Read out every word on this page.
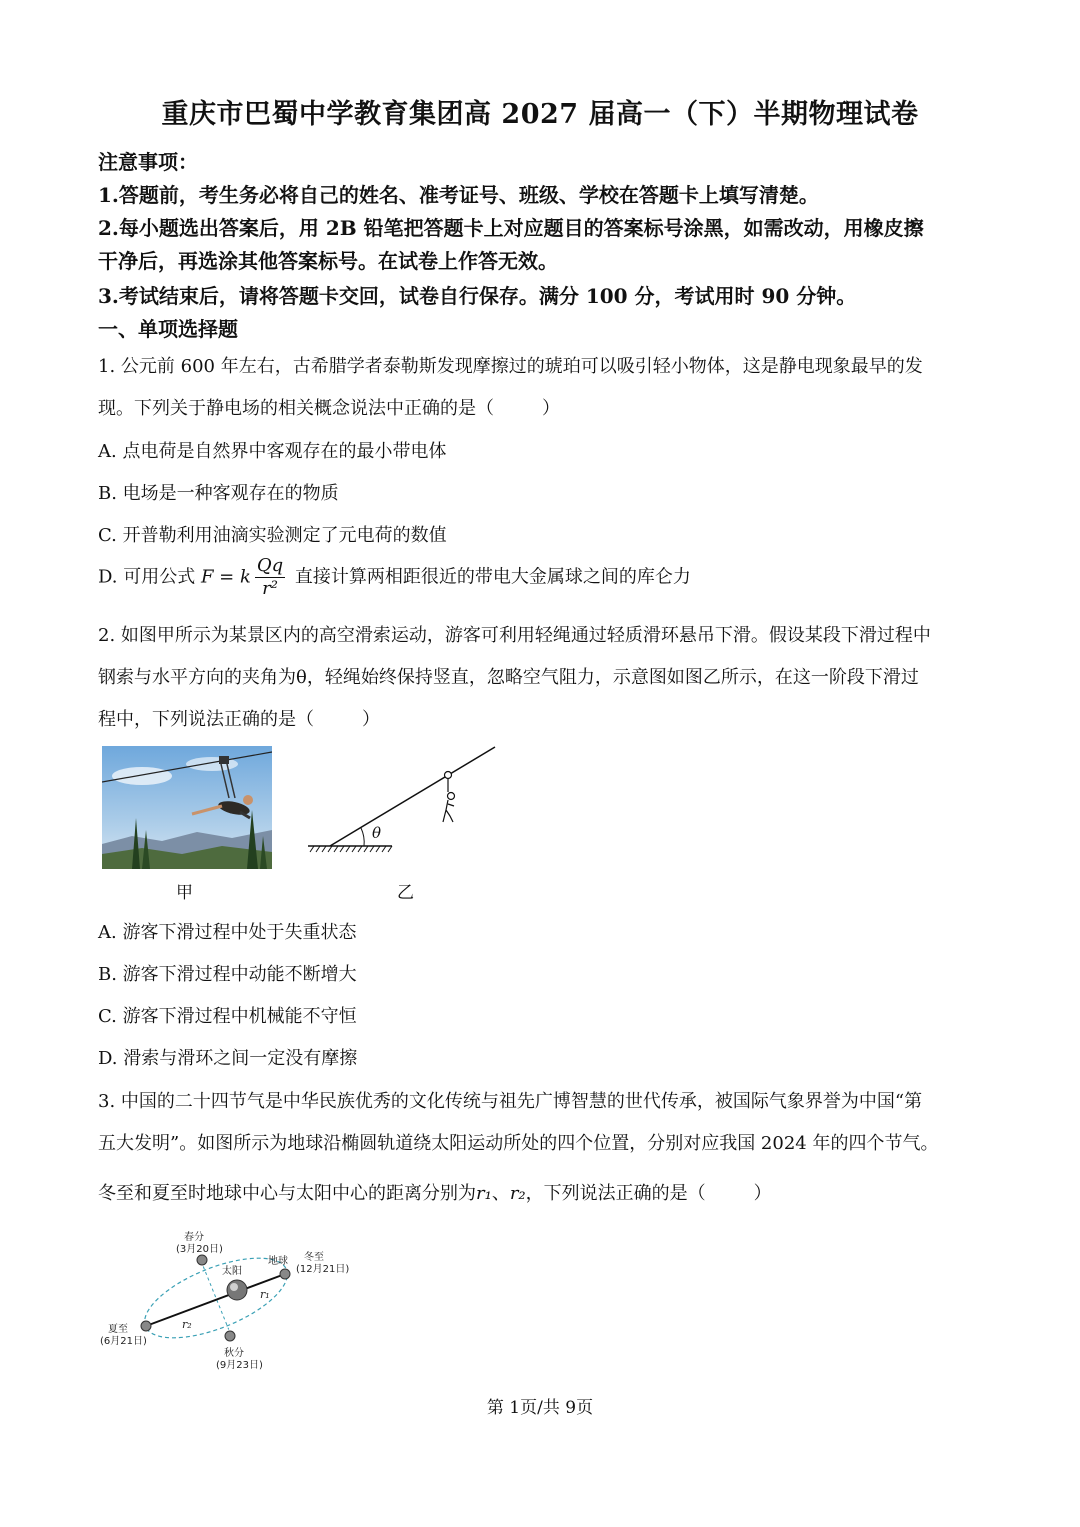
重庆市巴蜀中学教育集团高 2027 届高一（下）半期物理试卷
注意事项：
1.答题前，考生务必将自己的姓名、准考证号、班级、学校在答题卡上填写清楚。
2.每小题选出答案后，用 2B 铅笔把答题卡上对应题目的答案标号涂黑，如需改动，用橡皮擦
干净后，再选涂其他答案标号。在试卷上作答无效。
3.考试结束后，请将答题卡交回，试卷自行保存。满分 100 分，考试用时 90 分钟。
一、单项选择题
1. 公元前 600 年左右，古希腊学者泰勒斯发现摩擦过的琥珀可以吸引轻小物体，这是静电现象最早的发
现。下列关于静电场的相关概念说法中正确的是（	）
A. 点电荷是自然界中客观存在的最小带电体
B. 电场是一种客观存在的物质
C. 开普勒利用油滴实验测定了元电荷的数值
D. 可用公式 F = k $\frac{Qq}{\text{r²}}$ 直接计算两相距很近的带电大金属球之间的库仑力
2. 如图甲所示为某景区内的高空滑索运动，游客可利用轻绳通过轻质滑环悬吊下滑。假设某段下滑过程中
钢索与水平方向的夹角为θ，轻绳始终保持竖直，忽略空气阻力，示意图如图乙所示，在这一阶段下滑过
程中，下列说法正确的是（	）
甲
θ
乙
A. 游客下滑过程中处于失重状态
B. 游客下滑过程中动能不断增大
C. 游客下滑过程中机械能不守恒
D. 滑索与滑环之间一定没有摩擦
3. 中国的二十四节气是中华民族优秀的文化传统与祖先广博智慧的世代传承，被国际气象界誉为中国“第
五大发明”。如图所示为地球沿椭圆轨道绕太阳运动所处的四个位置，分别对应我国 2024 年的四个节气。
冬至和夏至时地球中心与太阳中心的距离分别为r₁、r₂，下列说法正确的是（	）
春分
(3月20日)
太阳
地球 冬至
(12月21日)
夏至
(6月21日)
秋分
(9月23日)
r₁
r₂
第 1页/共 9页
